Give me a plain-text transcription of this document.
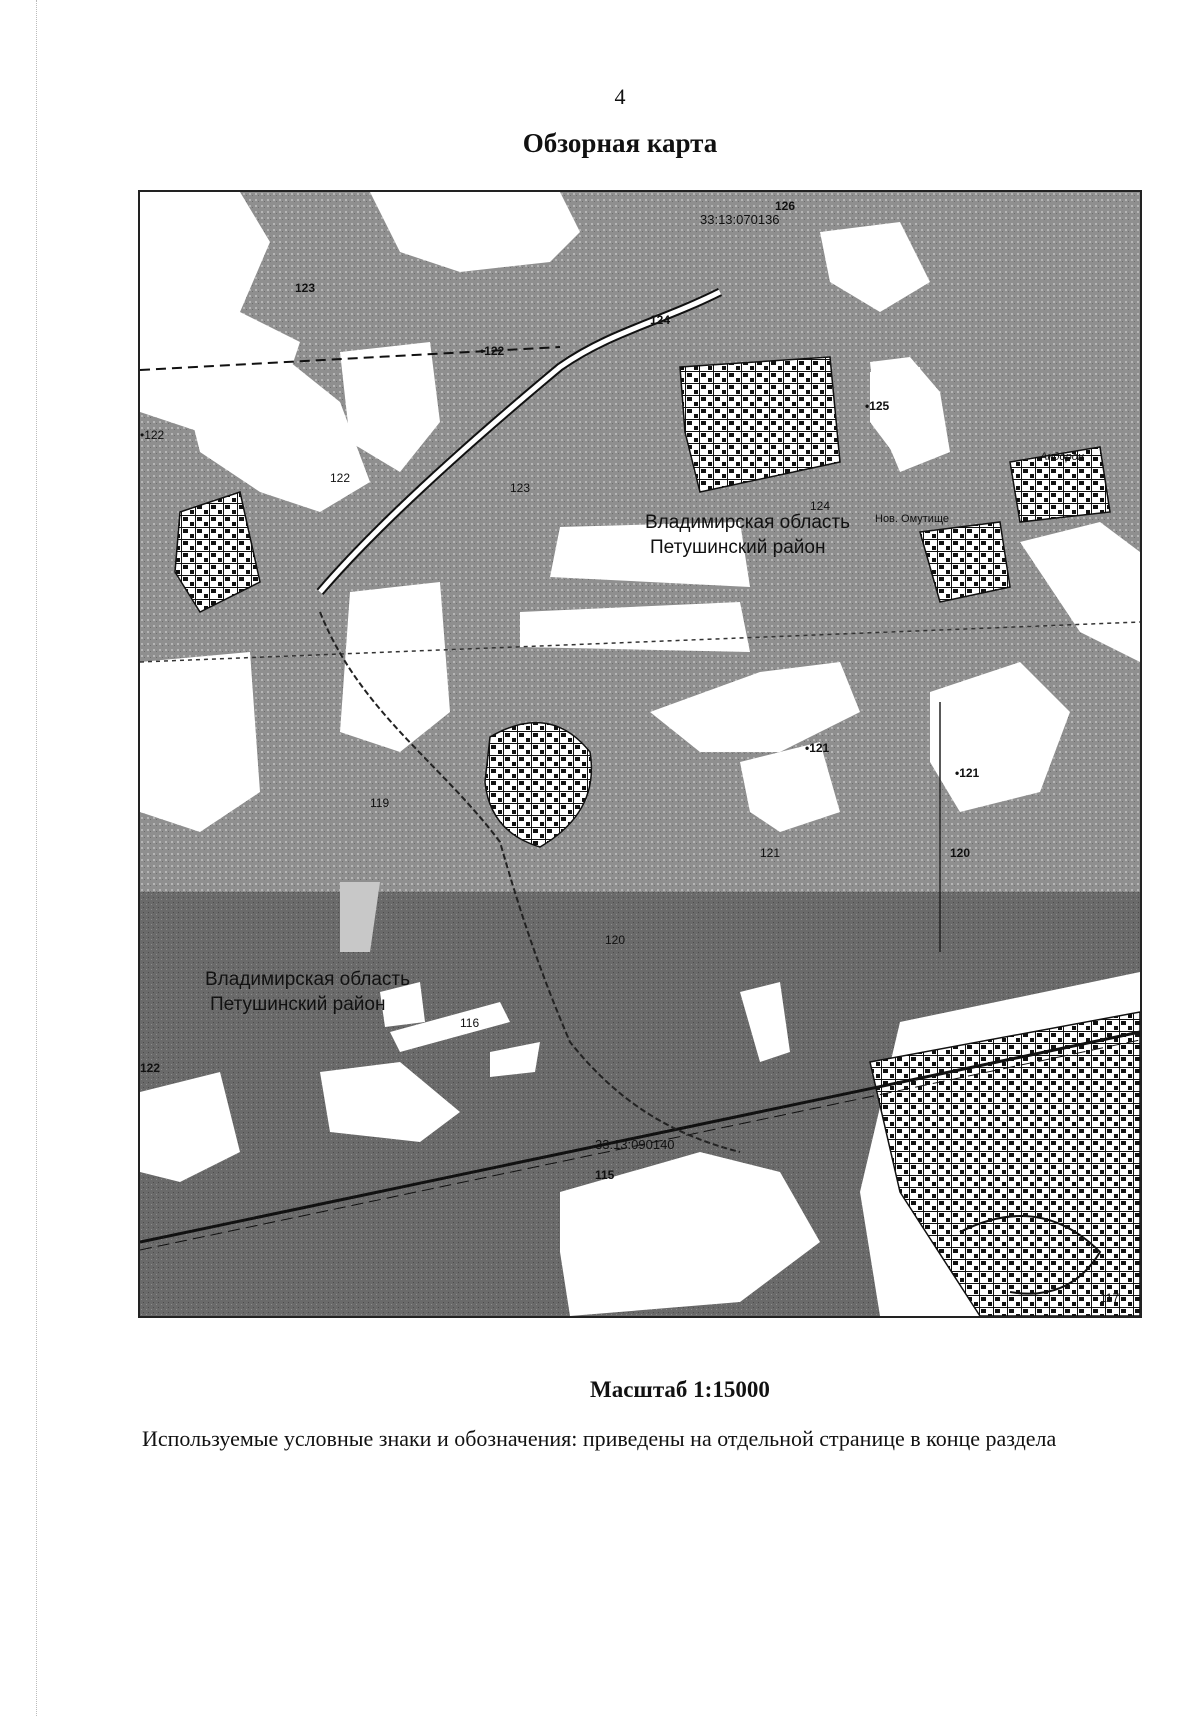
4
Обзорная карта
Владимирская область
Петушинский район
Владимирская область
Петушинский район
33:13:070136
33:13:090140
126
123
124
•122
122
•122
123
•125
124
•121
121
119
120
•121
120
122
116
115
117
Нов. Омутище
Андорон
Масштаб 1:15000
Используемые условные знаки и обозначения: приведены на отдельной странице в конце раздела
